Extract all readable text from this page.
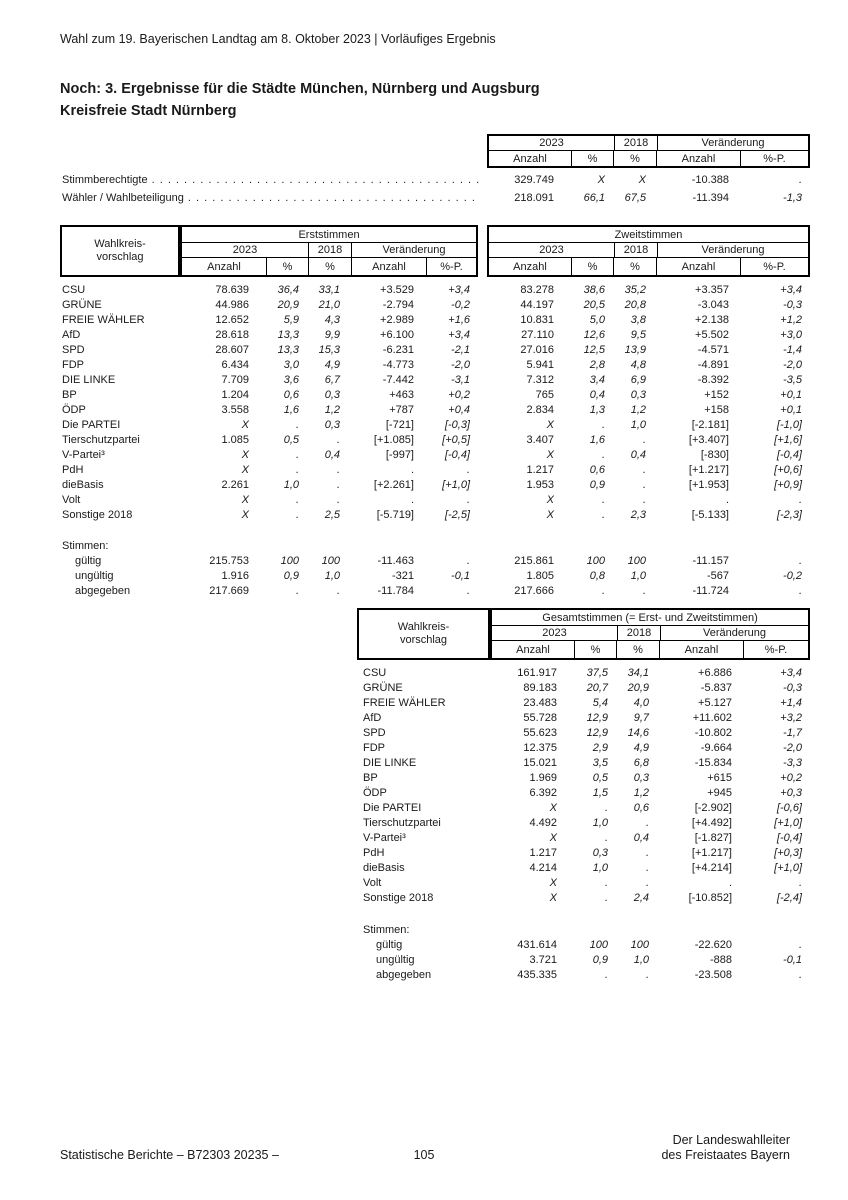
Wahl zum 19. Bayerischen Landtag am 8. Oktober 2023 | Vorläufiges Ergebnis
Noch: 3. Ergebnisse für die Städte München, Nürnberg und Augsburg
Kreisfreie Stadt Nürnberg
2023	2018	Veränderung
Anzahl	%	%	Anzahl	%-P.
Stimmberechtigte . . .	329.749	X	X	-10.388	.
Wähler / Wahlbeteiligung . . .	218.091	66,1	67,5	-11.394	-1,3
Wahlkreis-
vorschlag
Erststimmen
2023	2018	Veränderung
Anzahl	%	%	Anzahl	%-P.
Zweitstimmen
2023	2018	Veränderung
Anzahl	%	%	Anzahl	%-P.
CSU	78.639	36,4	33,1	+3.529	+3,4	83.278	38,6	35,2	+3.357	+3,4
GRÜNE	44.986	20,9	21,0	-2.794	-0,2	44.197	20,5	20,8	-3.043	-0,3
FREIE WÄHLER	12.652	5,9	4,3	+2.989	+1,6	10.831	5,0	3,8	+2.138	+1,2
AfD	28.618	13,3	9,9	+6.100	+3,4	27.110	12,6	9,5	+5.502	+3,0
SPD	28.607	13,3	15,3	-6.231	-2,1	27.016	12,5	13,9	-4.571	-1,4
FDP	6.434	3,0	4,9	-4.773	-2,0	5.941	2,8	4,8	-4.891	-2,0
DIE LINKE	7.709	3,6	6,7	-7.442	-3,1	7.312	3,4	6,9	-8.392	-3,5
BP	1.204	0,6	0,3	+463	+0,2	765	0,4	0,3	+152	+0,1
ÖDP	3.558	1,6	1,2	+787	+0,4	2.834	1,3	1,2	+158	+0,1
Die PARTEI	X	.	0,3	[-721]	[-0,3]	X	.	1,0	[-2.181]	[-1,0]
Tierschutzpartei	1.085	0,5	.	[+1.085]	[+0,5]	3.407	1,6	.	[+3.407]	[+1,6]
V-Partei³	X	.	0,4	[-997]	[-0,4]	X	.	0,4	[-830]	[-0,4]
PdH	X	.	.	.	.	1.217	0,6	.	[+1.217]	[+0,6]
dieBasis	2.261	1,0	.	[+2.261]	[+1,0]	1.953	0,9	.	[+1.953]	[+0,9]
Volt	X	.	.	.	.	X	.	.	.	.
Sonstige 2018	X	.	2,5	[-5.719]	[-2,5]	X	.	2,3	[-5.133]	[-2,3]
Stimmen:
gültig	215.753	100	100	-11.463	.	215.861	100	100	-11.157	.
ungültig	1.916	0,9	1,0	-321	-0,1	1.805	0,8	1,0	-567	-0,2
abgegeben	217.669	.	.	-11.784	.	217.666	.	.	-11.724	.
Wahlkreis-
vorschlag
Gesamtstimmen (= Erst- und Zweitstimmen)
2023	2018	Veränderung
Anzahl	%	%	Anzahl	%-P.
CSU	161.917	37,5	34,1	+6.886	+3,4
GRÜNE	89.183	20,7	20,9	-5.837	-0,3
FREIE WÄHLER	23.483	5,4	4,0	+5.127	+1,4
AfD	55.728	12,9	9,7	+11.602	+3,2
SPD	55.623	12,9	14,6	-10.802	-1,7
FDP	12.375	2,9	4,9	-9.664	-2,0
DIE LINKE	15.021	3,5	6,8	-15.834	-3,3
BP	1.969	0,5	0,3	+615	+0,2
ÖDP	6.392	1,5	1,2	+945	+0,3
Die PARTEI	X	.	0,6	[-2.902]	[-0,6]
Tierschutzpartei	4.492	1,0	.	[+4.492]	[+1,0]
V-Partei³	X	.	0,4	[-1.827]	[-0,4]
PdH	1.217	0,3	.	[+1.217]	[+0,3]
dieBasis	4.214	1,0	.	[+4.214]	[+1,0]
Volt	X	.	.	.	.
Sonstige 2018	X	.	2,4	[-10.852]	[-2,4]
Stimmen:
gültig	431.614	100	100	-22.620	.
ungültig	3.721	0,9	1,0	-888	-0,1
abgegeben	435.335	.	.	-23.508	.
Statistische Berichte – B72303 20235 –	105
Der Landeswahlleiter
des Freistaates Bayern
